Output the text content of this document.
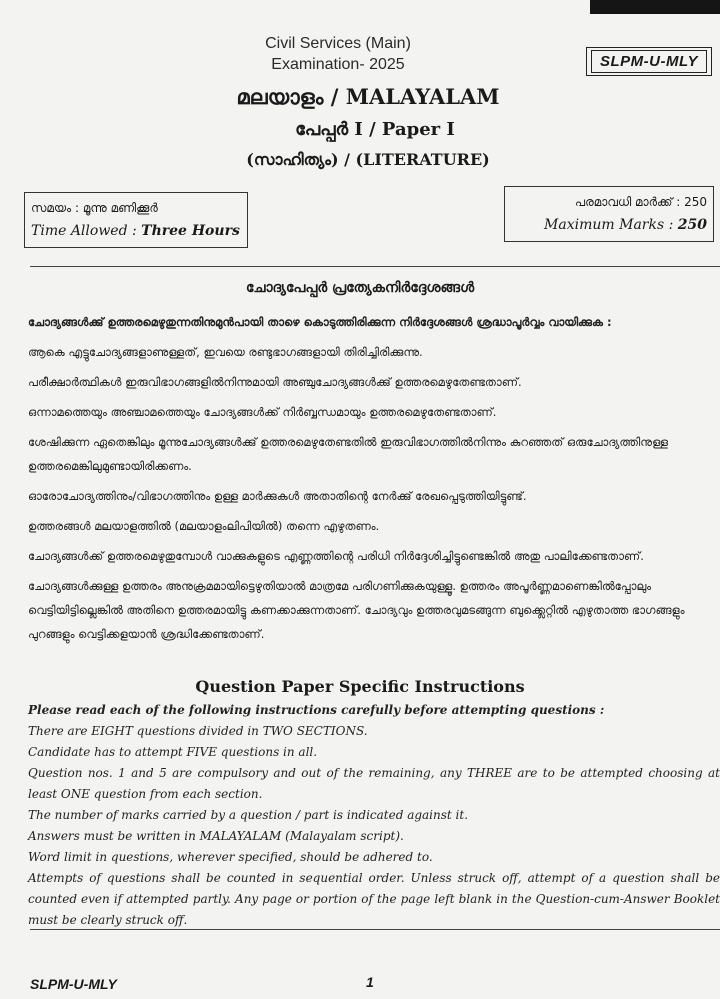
Civil Services (Main)
Examination- 2025	SLPM-U-MLY
മലയാളം / MALAYALAM
പേപ്പർ I / Paper I
(സാഹിത്യം) / (LITERATURE)
സമയം : മൂന്നു മണിക്കൂർ
Time Allowed : Three Hours
പരമാവധി മാർക്ക് : 250
Maximum Marks : 250
ചോദ്യപേപ്പർ പ്രത്യേകനിർദ്ദേശങ്ങൾ

ചോദ്യങ്ങൾക്കു് ഉത്തരമെഴുതുന്നതിനുമുൻപായി താഴെ കൊടുത്തിരിക്കുന്ന നിർദ്ദേശങ്ങൾ ശ്രദ്ധാപൂർവ്വം വായിക്കുക :

ആകെ എട്ടുചോദ്യങ്ങളാണുള്ളത്, ഇവയെ രണ്ടുഭാഗങ്ങളായി തിരിച്ചിരിക്കുന്നു.

പരീക്ഷാർത്ഥികൾ ഇരുവിഭാഗങ്ങളിൽനിന്നുമായി അഞ്ചുചോദ്യങ്ങൾക്കു് ഉത്തരമെഴുതേണ്ടതാണ്.

ഒന്നാമത്തെയും അഞ്ചാമത്തെയും ചോദ്യങ്ങൾക്ക് നിർബ്ബന്ധമായും ഉത്തരമെഴുതേണ്ടതാണ്.

ശേഷിക്കുന്ന ഏതെങ്കിലും മൂന്നുചോദ്യങ്ങൾക്കു് ഉത്തരമെഴുതേണ്ടതിൽ ഇരുവിഭാഗത്തിൽനിന്നും കുറഞ്ഞത് ഒരുചോദ്യത്തിനുള്ള ഉത്തരമെങ്കിലുമുണ്ടായിരിക്കണം.

ഓരോചോദ്യത്തിനും/വിഭാഗത്തിനും ഉള്ള മാർക്കുകൾ അതാതിന്റെ നേർക്കു് രേഖപ്പെടുത്തിയിട്ടുണ്ട്.

ഉത്തരങ്ങൾ മലയാളത്തിൽ (മലയാളംലിപിയിൽ) തന്നെ എഴുതണം.

ചോദ്യങ്ങൾക്ക് ഉത്തരമെഴുതുമ്പോൾ വാക്കുകളുടെ എണ്ണത്തിന്റെ പരിധി നിർദ്ദേശിച്ചിട്ടുണ്ടെങ്കിൽ അതു പാലിക്കേണ്ടതാണ്.

ചോദ്യങ്ങൾക്കുള്ള ഉത്തരം അനുക്രമമായിട്ടെഴുതിയാൽ മാത്രമേ പരിഗണിക്കുകയുള്ളൂ. ഉത്തരം അപൂർണ്ണമാണെങ്കിൽപ്പോലും വെട്ടിയിട്ടില്ലെങ്കിൽ അതിനെ ഉത്തരമായിട്ടു കണക്കാക്കുന്നതാണ്. ചോദ്യവും ഉത്തരവുമടങ്ങുന്ന ബുക്ക്ലെറ്റിൽ എഴുതാത്ത ഭാഗങ്ങളും പുറങ്ങളും വെട്ടിക്കളയാൻ ശ്രദ്ധിക്കേണ്ടതാണ്.

Question Paper Specific Instructions

Please read each of the following instructions carefully before attempting questions :

There are EIGHT questions divided in TWO SECTIONS.

Candidate has to attempt FIVE questions in all.

Question nos. 1 and 5 are compulsory and out of the remaining, any THREE are to be attempted choosing at least ONE question from each section.

The number of marks carried by a question / part is indicated against it.

Answers must be written in MALAYALAM (Malayalam script).

Word limit in questions, wherever specified, should be adhered to.

Attempts of questions shall be counted in sequential order. Unless struck off, attempt of a question shall be counted even if attempted partly. Any page or portion of the page left blank in the Question-cum-Answer Booklet must be clearly struck off.

SLPM-U-MLY	1
